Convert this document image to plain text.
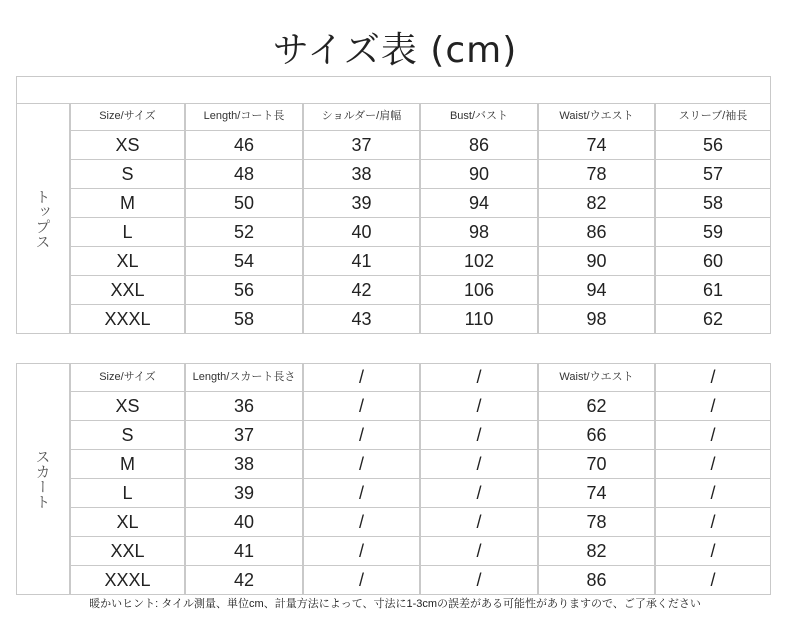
サイズ表 (cm)
暖かいヒント: タイル測量、単位cm、計量方法によって、寸法に1-3cmの誤差がある可能性がありますので、ご了承ください
トップス
Size/サイズ	Length/コート長	ショルダー/肩幅	Bust/バスト	Waist/ウエスト	スリーブ/袖長
XS	46	37	86	74	56
S	48	38	90	78	57
M	50	39	94	82	58
L	52	40	98	86	59
XL	54	41	102	90	60
XXL	56	42	106	94	61
XXXL	58	43	110	98	62
スカート
Size/サイズ	Length/スカート長さ	/	/	Waist/ウエスト	/
XS	36	/	/	62	/
S	37	/	/	66	/
M	38	/	/	70	/
L	39	/	/	74	/
XL	40	/	/	78	/
XXL	41	/	/	82	/
XXXL	42	/	/	86	/
